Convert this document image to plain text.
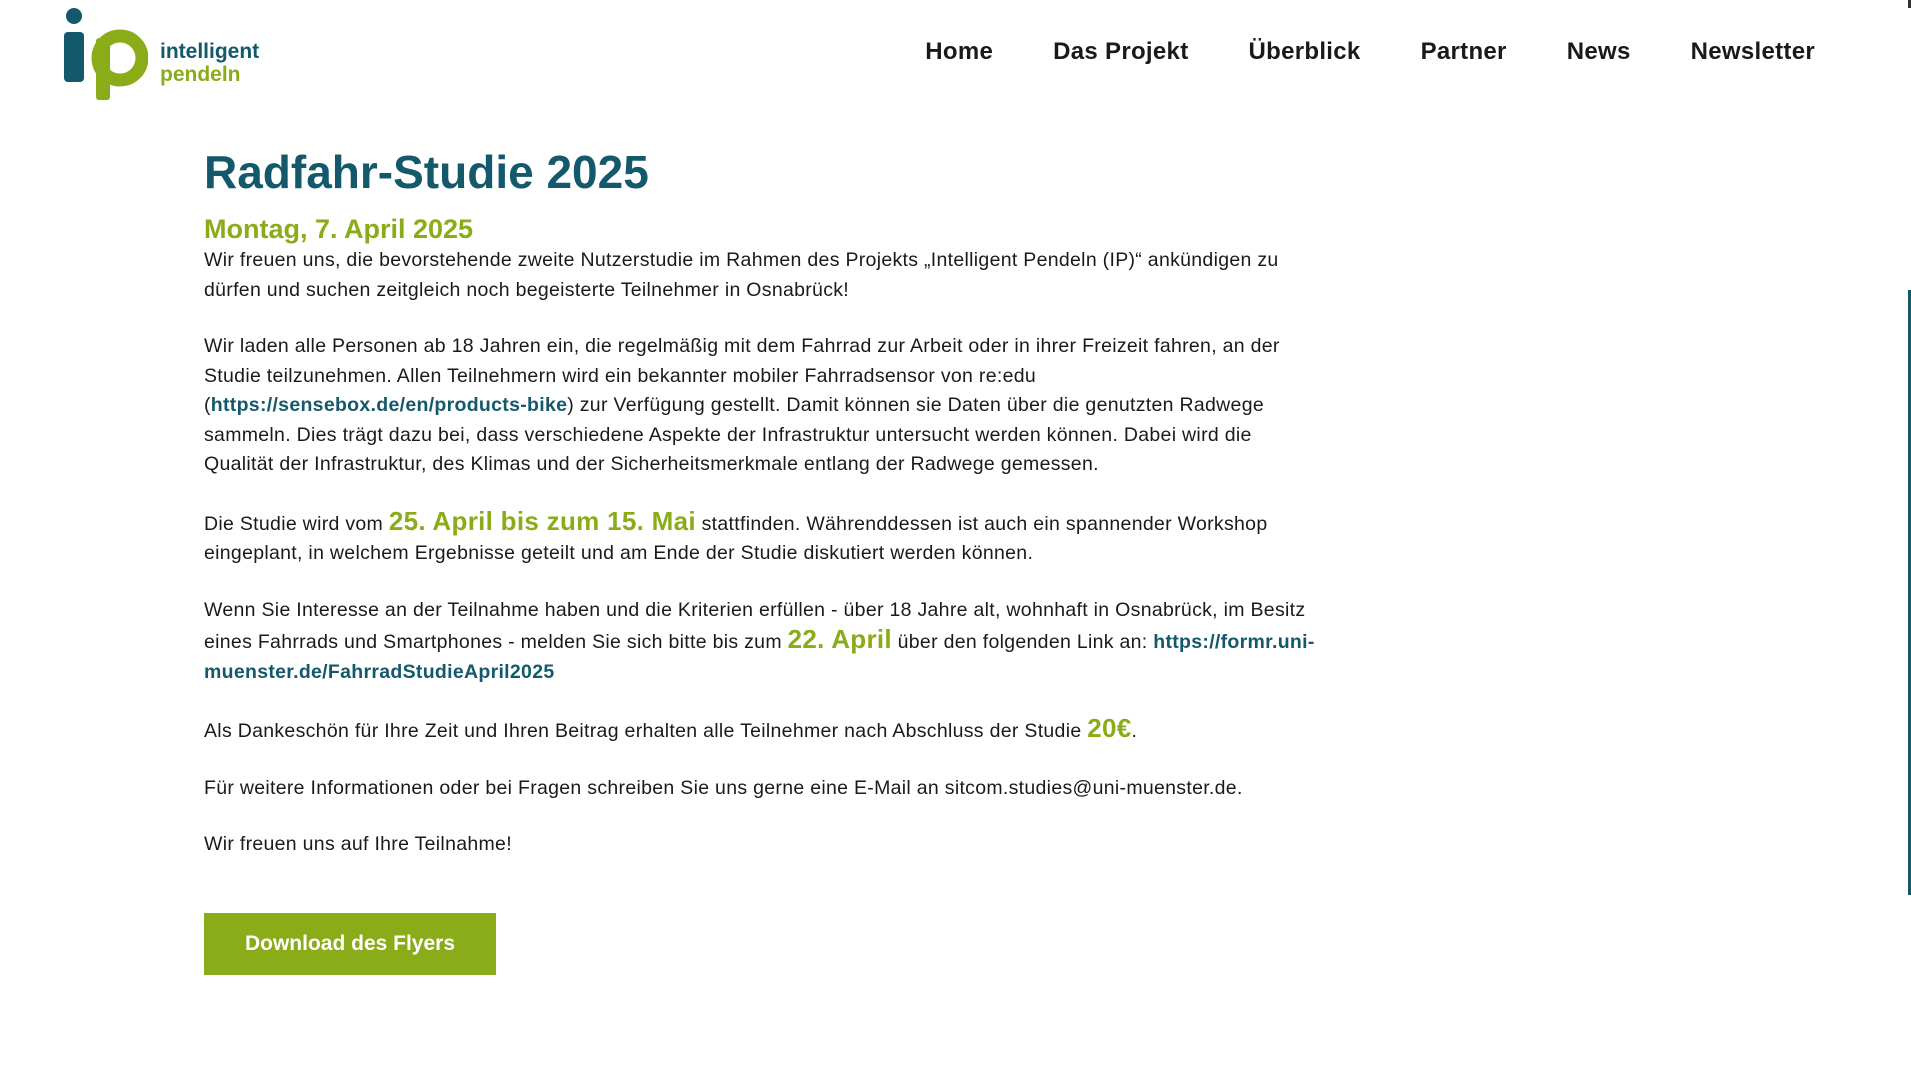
intelligent
pendeln
Home	Das Projekt	Überblick	Partner	News	Newsletter
Radfahr-Studie 2025
Montag, 7. April 2025

Wir freuen uns, die bevorstehende zweite Nutzerstudie im Rahmen des Projekts „Intelligent Pendeln (IP)“ ankündigen zu dürfen und suchen zeitgleich noch begeisterte Teilnehmer in Osnabrück!

Wir laden alle Personen ab 18 Jahren ein, die regelmäßig mit dem Fahrrad zur Arbeit oder in ihrer Freizeit fahren, an der Studie teilzunehmen. Allen Teilnehmern wird ein bekannter mobiler Fahrradsensor von re:edu (https://sensebox.de/en/products-bike) zur Verfügung gestellt. Damit können sie Daten über die genutzten Radwege sammeln. Dies trägt dazu bei, dass verschiedene Aspekte der Infrastruktur untersucht werden können. Dabei wird die Qualität der Infrastruktur, des Klimas und der Sicherheitsmerkmale entlang der Radwege gemessen.

Die Studie wird vom 25. April bis zum 15. Mai stattfinden. Währenddessen ist auch ein spannender Workshop eingeplant, in welchem Ergebnisse geteilt und am Ende der Studie diskutiert werden können.

Wenn Sie Interesse an der Teilnahme haben und die Kriterien erfüllen - über 18 Jahre alt, wohnhaft in Osnabrück, im Besitz eines Fahrrads und Smartphones - melden Sie sich bitte bis zum 22. April über den folgenden Link an: https://formr.uni-muenster.de/FahrradStudieApril2025

Als Dankeschön für Ihre Zeit und Ihren Beitrag erhalten alle Teilnehmer nach Abschluss der Studie 20€.

Für weitere Informationen oder bei Fragen schreiben Sie uns gerne eine E-Mail an sitcom.studies@uni-muenster.de.

Wir freuen uns auf Ihre Teilnahme!

Download des Flyers
